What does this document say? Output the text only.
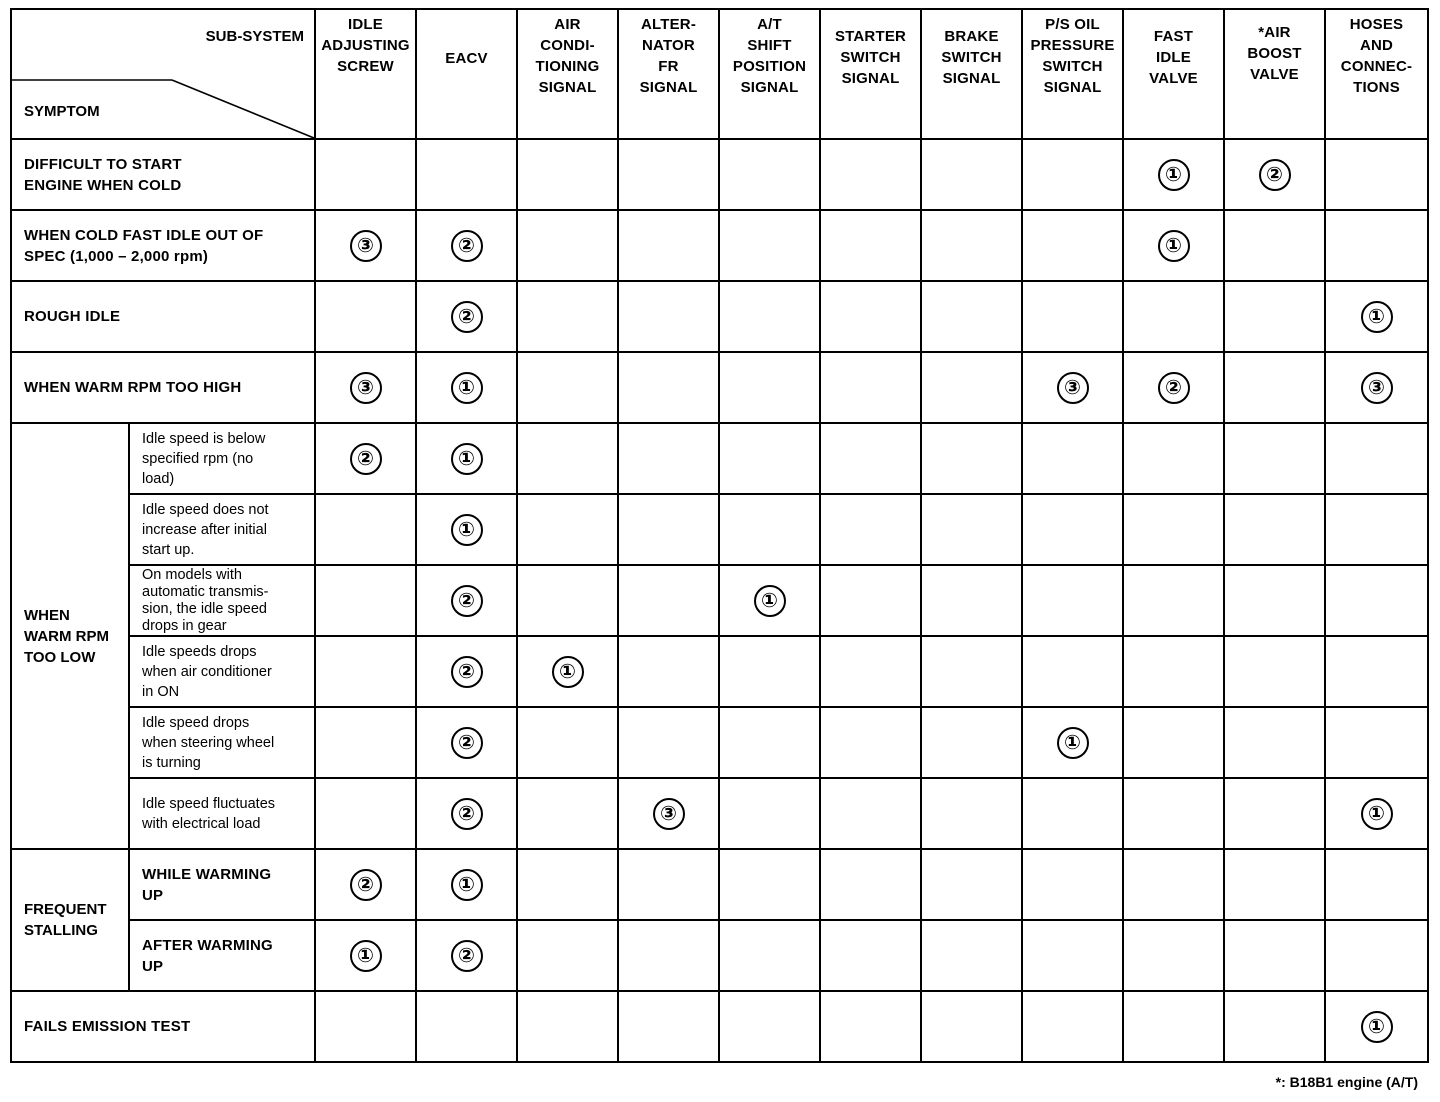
SUB-SYSTEM
SYMPTOM		IDLE
ADJUSTING
SCREW	EACV	AIR
CONDI-
TIONING
SIGNAL	ALTER-
NATOR
FR
SIGNAL	A/T
SHIFT
POSITION
SIGNAL	STARTER
SWITCH
SIGNAL	BRAKE
SWITCH
SIGNAL	P/S OIL
PRESSURE
SWITCH
SIGNAL	FAST
IDLE
VALVE	*AIR
BOOST
VALVE	HOSES
AND
CONNEC-
TIONS
DIFFICULT TO START
ENGINE WHEN COLD										①	②	
WHEN COLD FAST IDLE OUT OF
SPEC (1,000 – 2,000 rpm)		③	②							①		
ROUGH IDLE			②									①
WHEN WARM RPM TOO HIGH		③	①						③	②		③
WHEN
WARM RPM
TOO LOW	Idle speed is below
specified rpm (no
load)	②	①									
	Idle speed does not
increase after initial
start up.		①									
	On models with
automatic transmis-
sion, the idle speed
drops in gear		②			①						
	Idle speeds drops
when air conditioner
in ON		②	①								
	Idle speed drops
when steering wheel
is turning		②						①			
	Idle speed fluctuates
with electrical load		②		③							①
FREQUENT
STALLING	WHILE WARMING
UP	②	①									
	AFTER WARMING
UP	①	②									
FAILS EMISSION TEST												①
*: B18B1 engine (A/T)
